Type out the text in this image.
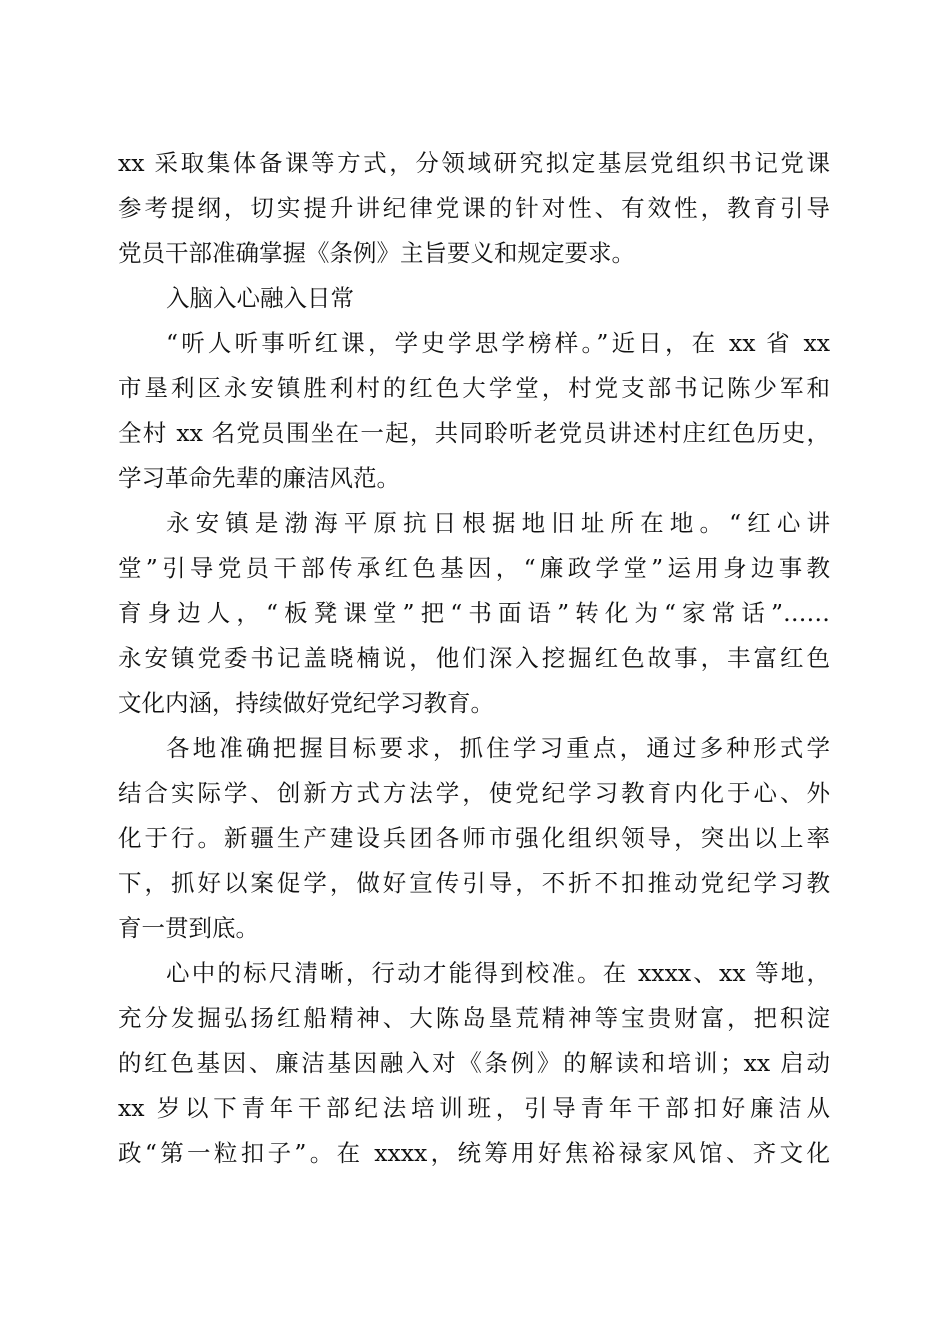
xx 采取集体备课等方式，分领域研究拟定基层党组织书记党课
参考提纲，切实提升讲纪律党课的针对性、有效性，教育引导
党员干部准确掌握《条例》主旨要义和规定要求。
入脑入心融入日常
“听人听事听红课，学史学思学榜样。”近日，在 xx 省 xx
市垦利区永安镇胜利村的红色大学堂，村党支部书记陈少军和
全村 xx 名党员围坐在一起，共同聆听老党员讲述村庄红色历史，
学习革命先辈的廉洁风范。
永安镇是渤海平原抗日根据地旧址所在地。“红心讲
堂”引导党员干部传承红色基因，“廉政学堂”运用身边事教
育身边人，“板凳课堂”把“书面语”转化为“家常话”……
永安镇党委书记盖晓楠说，他们深入挖掘红色故事，丰富红色
文化内涵，持续做好党纪学习教育。
各地准确把握目标要求，抓住学习重点，通过多种形式学
结合实际学、创新方式方法学，使党纪学习教育内化于心、外
化于行。新疆生产建设兵团各师市强化组织领导，突出以上率
下，抓好以案促学，做好宣传引导，不折不扣推动党纪学习教
育一贯到底。
心中的标尺清晰，行动才能得到校准。在 xxxx、xx 等地，
充分发掘弘扬红船精神、大陈岛垦荒精神等宝贵财富，把积淀
的红色基因、廉洁基因融入对《条例》的解读和培训；xx 启动
xx 岁以下青年干部纪法培训班，引导青年干部扣好廉洁从
政“第一粒扣子”。在 xxxx，统筹用好焦裕禄家风馆、齐文化
